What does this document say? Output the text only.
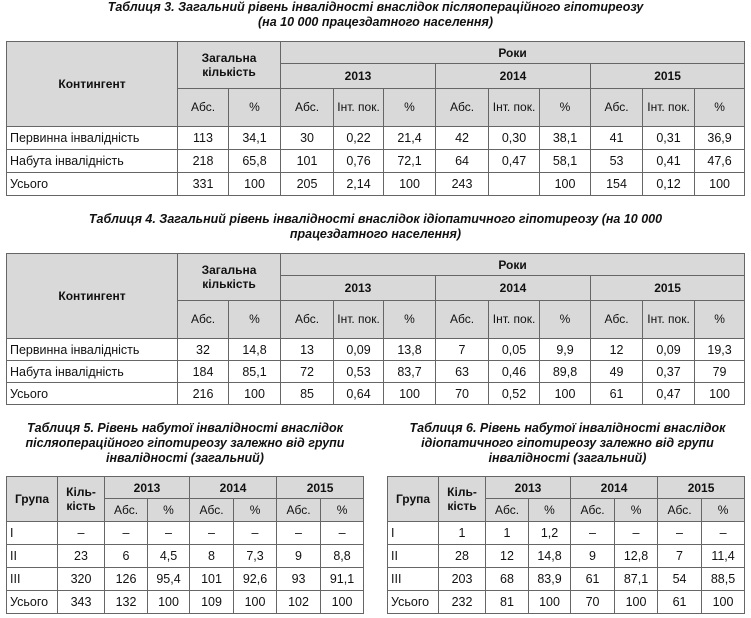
Таблиця 3. Загальний рівень інвалідності внаслідок післяопераційного гіпотиреозу
(на 10 000 працездатного населення)
Контингент	Загальна кількість		Роки								
			2013			2014			2015		
	Абс.	%	Абс.	Інт. пок.	%	Абс.	Інт. пок.	%	Абс.	Інт. пок.	%
Первинна інвалідність	113	34,1	30	0,22	21,4	42	0,30	38,1	41	0,31	36,9
Набута інвалідність	218	65,8	101	0,76	72,1	64	0,47	58,1	53	0,41	47,6
Усього	331	100	205	2,14	100	243		100	154	0,12	100
Таблиця 4. Загальний рівень інвалідності внаслідок ідіопатичного гіпотиреозу (на 10 000
працездатного населення)
Контингент	Загальна кількість		Роки								
			2013			2014			2015		
	Абс.	%	Абс.	Інт. пок.	%	Абс.	Інт. пок.	%	Абс.	Інт. пок.	%
Первинна інвалідність	32	14,8	13	0,09	13,8	7	0,05	9,9	12	0,09	19,3
Набута інвалідність	184	85,1	72	0,53	83,7	63	0,46	89,8	49	0,37	79
Усього	216	100	85	0,64	100	70	0,52	100	61	0,47	100
Таблиця 5. Рівень набутої інвалідності внаслідок
післяопераційного гіпотиреозу залежно від групи
інвалідності (загальний)
Група	Кіль-кість	2013		2014		2015	
		Абс.	%	Абс.	%	Абс.	%
I	–	–	–	–	–	–	–
II	23	6	4,5	8	7,3	9	8,8
III	320	126	95,4	101	92,6	93	91,1
Усього	343	132	100	109	100	102	100
Таблиця 6. Рівень набутої інвалідності внаслідок
ідіопатичного гіпотиреозу залежно від групи
інвалідності (загальний)
Група	Кіль-кість	2013		2014		2015	
		Абс.	%	Абс.	%	Абс.	%
I	1	1	1,2	–	–	–	–
II	28	12	14,8	9	12,8	7	11,4
III	203	68	83,9	61	87,1	54	88,5
Усього	232	81	100	70	100	61	100
